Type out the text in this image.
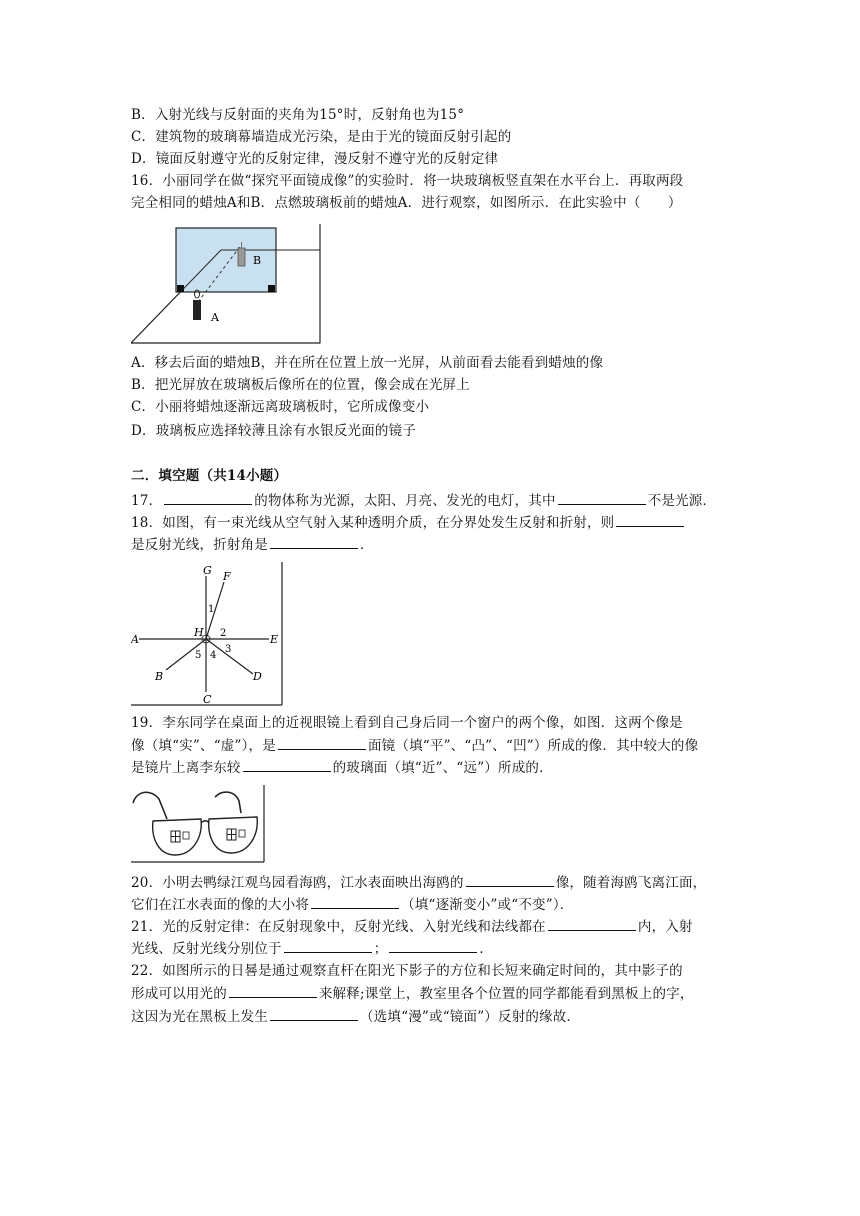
B．入射光线与反射面的夹角为15°时，反射角也为15°
C．建筑物的玻璃幕墙造成光污染，是由于光的镜面反射引起的
D．镜面反射遵守光的反射定律，漫反射不遵守光的反射定律
16．小丽同学在做“探究平面镜成像”的实验时．将一块玻璃板竖直架在水平台上．再取两段
完全相同的蜡烛A和B．点燃玻璃板前的蜡烛A．进行观察，如图所示．在此实验中（　　）
B
A
A．移去后面的蜡烛B，并在所在位置上放一光屏，从前面看去能看到蜡烛的像
B．把光屏放在玻璃板后像所在的位置，像会成在光屏上
C．小丽将蜡烛逐渐远离玻璃板时，它所成像变小
D．玻璃板应选择较薄且涂有水银反光面的镜子
二．填空题（共14小题）
17．	的物体称为光源，太阳、月亮、发光的电灯，其中	不是光源．
18．如图，有一束光线从空气射入某种透明介质，在分界处发生反射和折射，则
是反射光线，折射角是	．
G F
A
H
E
B
C
D
1
2
3
4
5
19．李东同学在桌面上的近视眼镜上看到自己身后同一个窗户的两个像，如图．这两个像是
像（填“实”、“虚”），是	面镜（填“平”、“凸”、“凹”）所成的像．其中较大的像
是镜片上离李东较	的玻璃面（填“近”、“远”）所成的．
20．小明去鸭绿江观鸟园看海鸥，江水表面映出海鸥的	像，随着海鸥飞离江面，
它们在江水表面的像的大小将	（填“逐渐变小”或“不变”）．
21．光的反射定律：在反射现象中，反射光线、入射光线和法线都在	内，入射
光线、反射光线分别位于	；	．
22．如图所示的日晷是通过观察直杆在阳光下影子的方位和长短来确定时间的，其中影子的
形成可以用光的	来解释;课堂上，教室里各个位置的同学都能看到黑板上的字，
这因为光在黑板上发生	（选填“漫”或“镜面”）反射的缘故．
